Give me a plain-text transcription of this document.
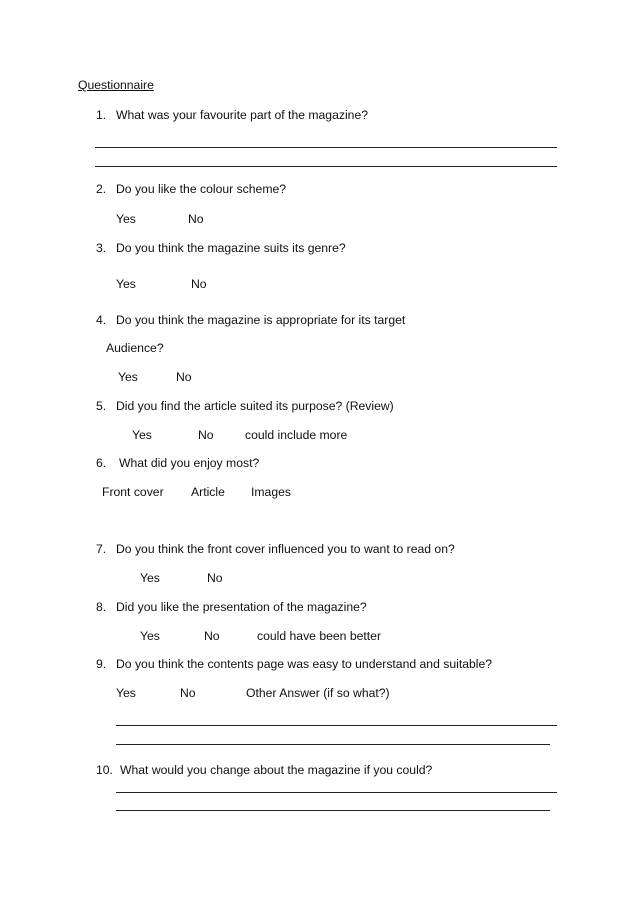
Questionnaire
1. What was your favourite part of the magazine?
2. Do you like the colour scheme?
Yes	No
3. Do you think the magazine suits its genre?
Yes	No
4. Do you think the magazine is appropriate for its target
Audience?
Yes	No
5. Did you find the article suited its purpose? (Review)
Yes	No	could include more
6. What did you enjoy most?
Front cover Article Images
7. Do you think the front cover influenced you to want to read on?
Yes	No
8. Did you like the presentation of the magazine?
Yes	No	could have been better
9. Do you think the contents page was easy to understand and suitable?
Yes	No	Other Answer (if so what?)
10. What would you change about the magazine if you could?
